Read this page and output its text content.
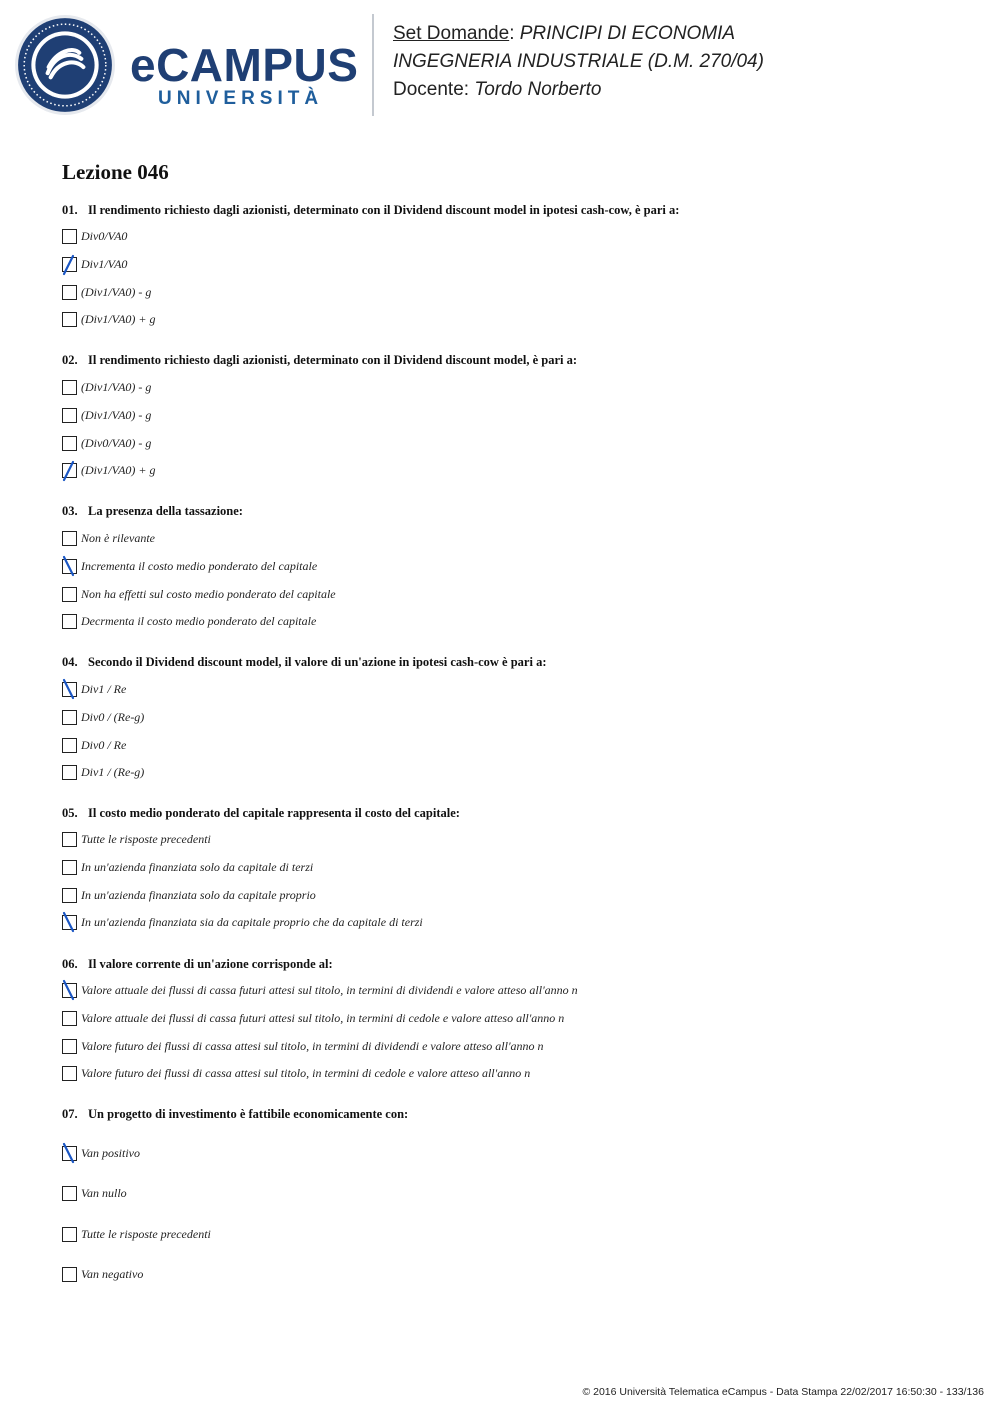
eCAMPUS
UNIVERSITÀ
Set Domande: PRINCIPI DI ECONOMIA
INGEGNERIA INDUSTRIALE (D.M. 270/04)
Docente: Tordo Norberto
Lezione 046
01. Il rendimento richiesto dagli azionisti, determinato con il Dividend discount model in ipotesi cash-cow, è pari a:
Div0/VA0
Div1/VA0
(Div1/VA0) - g
(Div1/VA0) + g
02. Il rendimento richiesto dagli azionisti, determinato con il Dividend discount model, è pari a:
(Div1/VA0) - g
(Div1/VA0) - g
(Div0/VA0) - g
(Div1/VA0) + g
03. La presenza della tassazione:
Non è rilevante
Incrementa il costo medio ponderato del capitale
Non ha effetti sul costo medio ponderato del capitale
Decrmenta il costo medio ponderato del capitale
04. Secondo il Dividend discount model, il valore di un'azione in ipotesi cash-cow è pari a:
Div1 / Re
Div0 / (Re-g)
Div0 / Re
Div1 / (Re-g)
05. Il costo medio ponderato del capitale rappresenta il costo del capitale:
Tutte le risposte precedenti
In un'azienda finanziata solo da capitale di terzi
In un'azienda finanziata solo da capitale proprio
In un'azienda finanziata sia da capitale proprio che da capitale di terzi
06. Il valore corrente di un'azione corrisponde al:
Valore attuale dei flussi di cassa futuri attesi sul titolo, in termini di dividendi e valore atteso all'anno n
Valore attuale dei flussi di cassa futuri attesi sul titolo, in termini di cedole e valore atteso all'anno n
Valore futuro dei flussi di cassa attesi sul titolo, in termini di dividendi e valore atteso all'anno n
Valore futuro dei flussi di cassa attesi sul titolo, in termini di cedole e valore atteso all'anno n
07. Un progetto di investimento è fattibile economicamente con:
Van positivo
Van nullo
Tutte le risposte precedenti
Van negativo
© 2016 Università Telematica eCampus - Data Stampa 22/02/2017 16:50:30 - 133/136
